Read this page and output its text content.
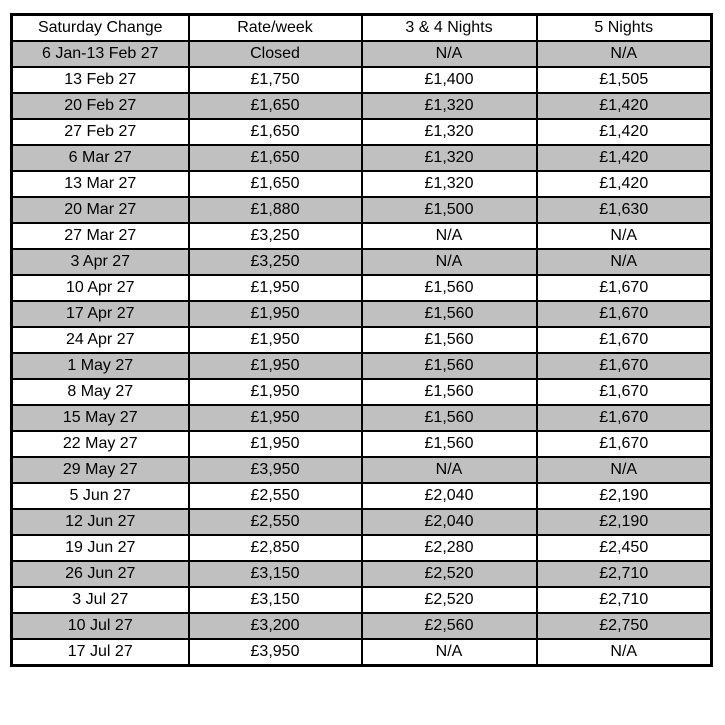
Saturday Change	Rate/week	3 & 4 Nights	5 Nights
6 Jan-13 Feb 27	Closed	N/A	N/A
13 Feb 27	£1,750	£1,400	£1,505
20 Feb 27	£1,650	£1,320	£1,420
27 Feb 27	£1,650	£1,320	£1,420
6 Mar 27	£1,650	£1,320	£1,420
13 Mar 27	£1,650	£1,320	£1,420
20 Mar 27	£1,880	£1,500	£1,630
27 Mar 27	£3,250	N/A	N/A
3 Apr 27	£3,250	N/A	N/A
10 Apr 27	£1,950	£1,560	£1,670
17 Apr 27	£1,950	£1,560	£1,670
24 Apr 27	£1,950	£1,560	£1,670
1 May 27	£1,950	£1,560	£1,670
8 May 27	£1,950	£1,560	£1,670
15 May 27	£1,950	£1,560	£1,670
22 May 27	£1,950	£1,560	£1,670
29 May 27	£3,950	N/A	N/A
5 Jun 27	£2,550	£2,040	£2,190
12 Jun 27	£2,550	£2,040	£2,190
19 Jun 27	£2,850	£2,280	£2,450
26 Jun 27	£3,150	£2,520	£2,710
3 Jul 27	£3,150	£2,520	£2,710
10 Jul 27	£3,200	£2,560	£2,750
17 Jul 27	£3,950	N/A	N/A
